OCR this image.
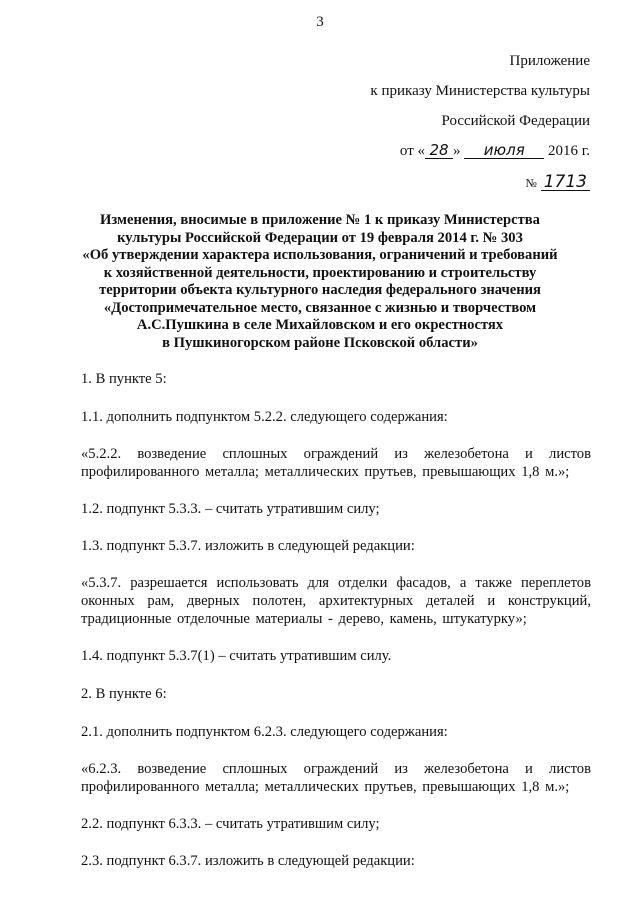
3
Приложение
к приказу Министерства культуры
Российской Федерации
от « 28 » июля 2016 г.
№ 1713
Изменения, вносимые в приложение № 1 к приказу Министерства
культуры Российской Федерации от 19 февраля 2014 г. № 303
«Об утверждении характера использования, ограничений и требований
к хозяйственной деятельности, проектированию и строительству
территории объекта культурного наследия федерального значения
«Достопримечательное место, связанное с жизнью и творчеством
А.С.Пушкина в селе Михайловском и его окрестностях
в Пушкиногорском районе Псковской области»

1. В пункте 5:

1.1. дополнить подпунктом 5.2.2. следующего содержания:

«5.2.2. возведение сплошных ограждений из железобетона и листов профилированного металла; металлических прутьев, превышающих 1,8 м.»;

1.2. подпункт 5.3.3. – считать утратившим силу;

1.3. подпункт 5.3.7. изложить в следующей редакции:

«5.3.7. разрешается использовать для отделки фасадов, а также переплетов оконных рам, дверных полотен, архитектурных деталей и конструкций, традиционные отделочные материалы - дерево, камень, штукатурку»;

1.4. подпункт 5.3.7(1) – считать утратившим силу.

2. В пункте 6:

2.1. дополнить подпунктом 6.2.3. следующего содержания:

«6.2.3. возведение сплошных ограждений из железобетона и листов профилированного металла; металлических прутьев, превышающих 1,8 м.»;

2.2. подпункт 6.3.3. – считать утратившим силу;

2.3. подпункт 6.3.7. изложить в следующей редакции:
